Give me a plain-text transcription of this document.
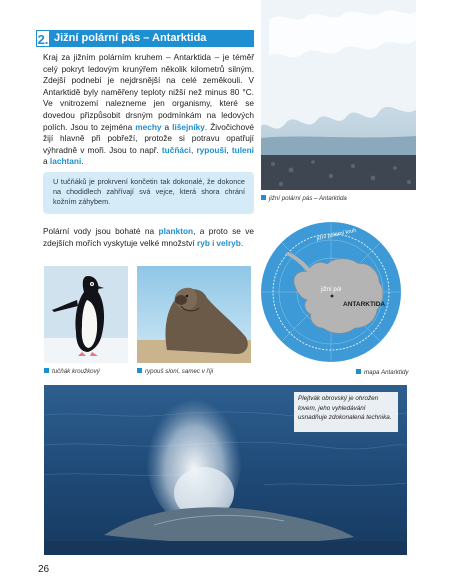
2. Jižní polární pás – Antarktida
Kraj za jižním polárním kruhem – Antarktida – je téměř celý pokryt ledovým krunýřem několik kilometrů silným. Zdejší podnebí je nejdrsnější na celé zeměkouli. V Antarktidě byly naměřeny teploty nižší než minus 80 °C. Ve vnitrozemí nalezneme jen organismy, které se dovedou přizpůsobit drsným podmínkám na ledových polích. Jsou to zejména mechy a lišejníky. Živočichové žijí hlavně při pobřeží, protože si potravu opatřují výhradně v moři. Jsou to např. tučňáci, rypouši, tuleni a lachtani.
U tučňáků je prokrvení končetin tak dokonalé, že dokonce na chodidlech zahřívají svá vejce, která shora chrání kožním záhybem.
Polární vody jsou bohaté na plankton, a proto se ve zdejších mořích vyskytuje velké množství ryb i velryb.
jižní polární pás – Antarktida
jižní polární kruh
jižní pól
ANTARKTIDA
mapa Antarktidy
tučňák kroužkový	rypouš sloní, samec v říji
Plejtvák obrovský je ohrožen lovem, jeho vyhledávání usnadňuje zdokonalená technika.
26
